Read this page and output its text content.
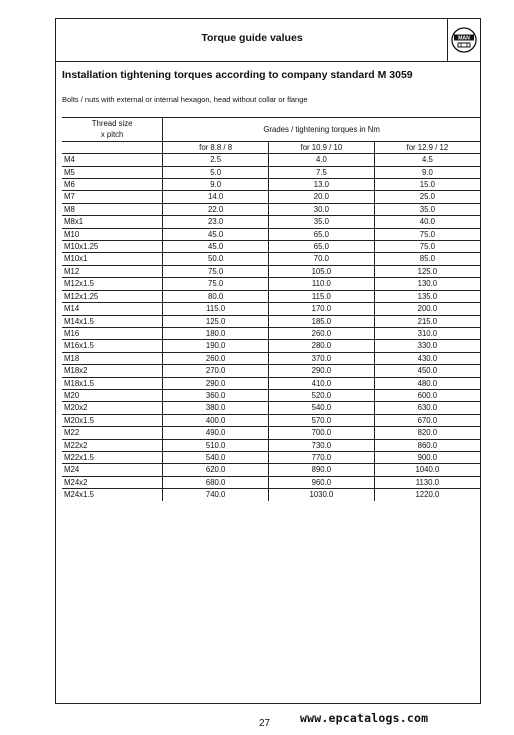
Torque guide values	MAN
Installation tightening torques according to company standard M 3059
Bolts / nuts with external or internal hexagon, head without collar or flange
Thread size
x pitch	Grades / tightening torques in Nm		
	for 8.8 / 8	for 10.9 / 10	for 12.9 / 12
M4	2.5	4.0	4.5
M5	5.0	7.5	9.0
M6	9.0	13.0	15.0
M7	14.0	20.0	25.0
M8	22.0	30.0	35.0
M8x1	23.0	35.0	40.0
M10	45.0	65.0	75.0
M10x1.25	45.0	65.0	75.0
M10x1	50.0	70.0	85.0
M12	75.0	105.0	125.0
M12x1.5	75.0	110.0	130.0
M12x1.25	80.0	115.0	135.0
M14	115.0	170.0	200.0
M14x1.5	125.0	185.0	215.0
M16	180.0	260.0	310.0
M16x1.5	190.0	280.0	330.0
M18	260.0	370.0	430.0
M18x2	270.0	290.0	450.0
M18x1.5	290.0	410.0	480.0
M20	360.0	520.0	600.0
M20x2	380.0	540.0	630.0
M20x1.5	400.0	570.0	670.0
M22	490.0	700.0	820.0
M22x2	510.0	730.0	860.0
M22x1.5	540.0	770.0	900.0
M24	620.0	890.0	1040.0
M24x2	680.0	960.0	1130.0
M24x1.5	740.0	1030.0	1220.0
27	www.epcatalogs.com
